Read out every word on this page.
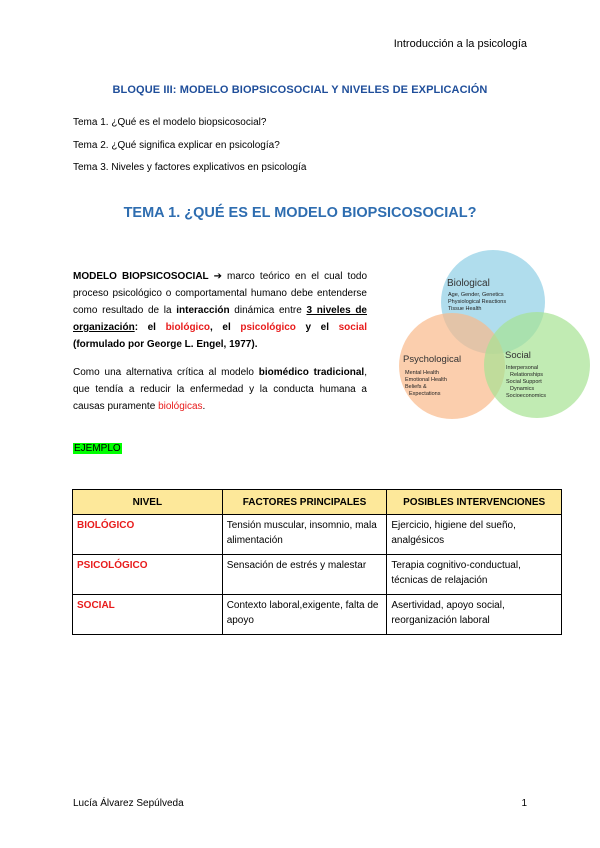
Introducción a la psicología
BLOQUE III: MODELO BIOPSICOSOCIAL Y NIVELES DE EXPLICACIÓN
Tema 1. ¿Qué es el modelo biopsicosocial?
Tema 2. ¿Qué significa explicar en psicología?
Tema 3. Niveles y factores explicativos en psicología
TEMA 1. ¿QUÉ ES EL MODELO BIOPSICOSOCIAL?
MODELO BIOPSICOSOCIAL ➔ marco teórico en el cual todo proceso psicológico o comportamental humano debe entenderse como resultado de la interacción dinámica entre 3 niveles de organización: el biológico, el psicológico y el social (formulado por George L. Engel, 1977).
Como una alternativa crítica al modelo biomédico tradicional, que tendía a reducir la enfermedad y la conducta humana a causas puramente biológicas.
Biological
Age, Gender, Genetics
Physiological Reactions
Tissue Health
Psychological
Mental Health
Emotional Health
Beliefs &
Expectations
Social
Interpersonal
Relationships
Social Support
Dynamics
Socioeconomics
EJEMPLO
NIVEL	FACTORES PRINCIPALES	POSIBLES INTERVENCIONES
BIOLÓGICO	Tensión muscular, insomnio, mala alimentación	Ejercicio, higiene del sueño, analgésicos
PSICOLÓGICO	Sensación de estrés y malestar	Terapia cognitivo-conductual, técnicas de relajación
SOCIAL	Contexto laboral,exigente, falta de apoyo	Asertividad, apoyo social, reorganización laboral
Lucía Álvarez Sepúlveda	1
